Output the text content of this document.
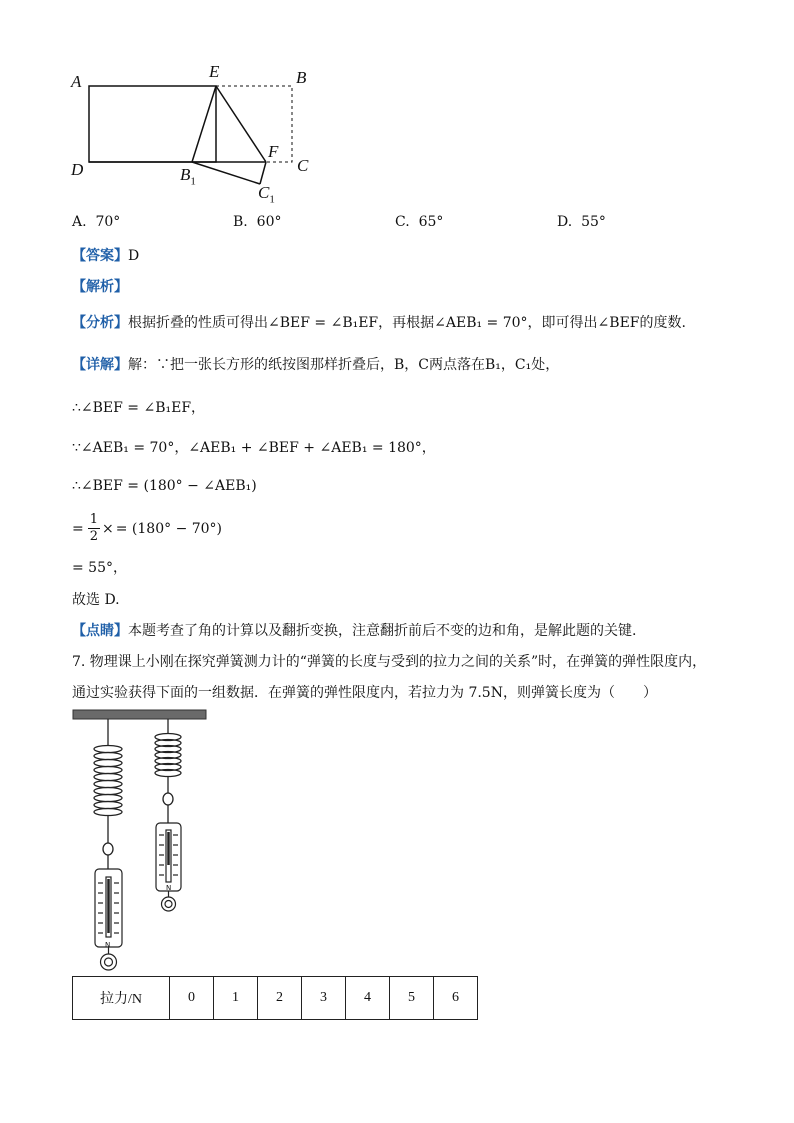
A
E	B
D
F
C
$B_1$
$C_1$
A. 70°	B. 60°	C. 65°	D. 55°
【答案】D
【解析】
【分析】根据折叠的性质可得出∠BEF = ∠B₁EF，再根据∠AEB₁ = 70°，即可得出∠BEF的度数.
【详解】解：∵把一张长方形的纸按图那样折叠后，B，C两点落在B₁，C₁处，
∴∠BEF = ∠B₁EF，
∵∠AEB₁ = 70°，∠AEB₁ + ∠BEF + ∠AEB₁ = 180°，
∴∠BEF = (180° − ∠AEB₁)
= $\frac{1}{2}$ × = (180° − 70°)
= 55°，
故选 D.
【点睛】本题考查了角的计算以及翻折变换，注意翻折前后不变的边和角，是解此题的关键.
7. 物理课上小刚在探究弹簧测力计的“弹簧的长度与受到的拉力之间的关系”时，在弹簧的弹性限度内，
通过实验获得下面的一组数据．在弹簧的弹性限度内，若拉力为 7.5N，则弹簧长度为（　　）
N
N
拉力/N	0	1	2	3	4	5	6
